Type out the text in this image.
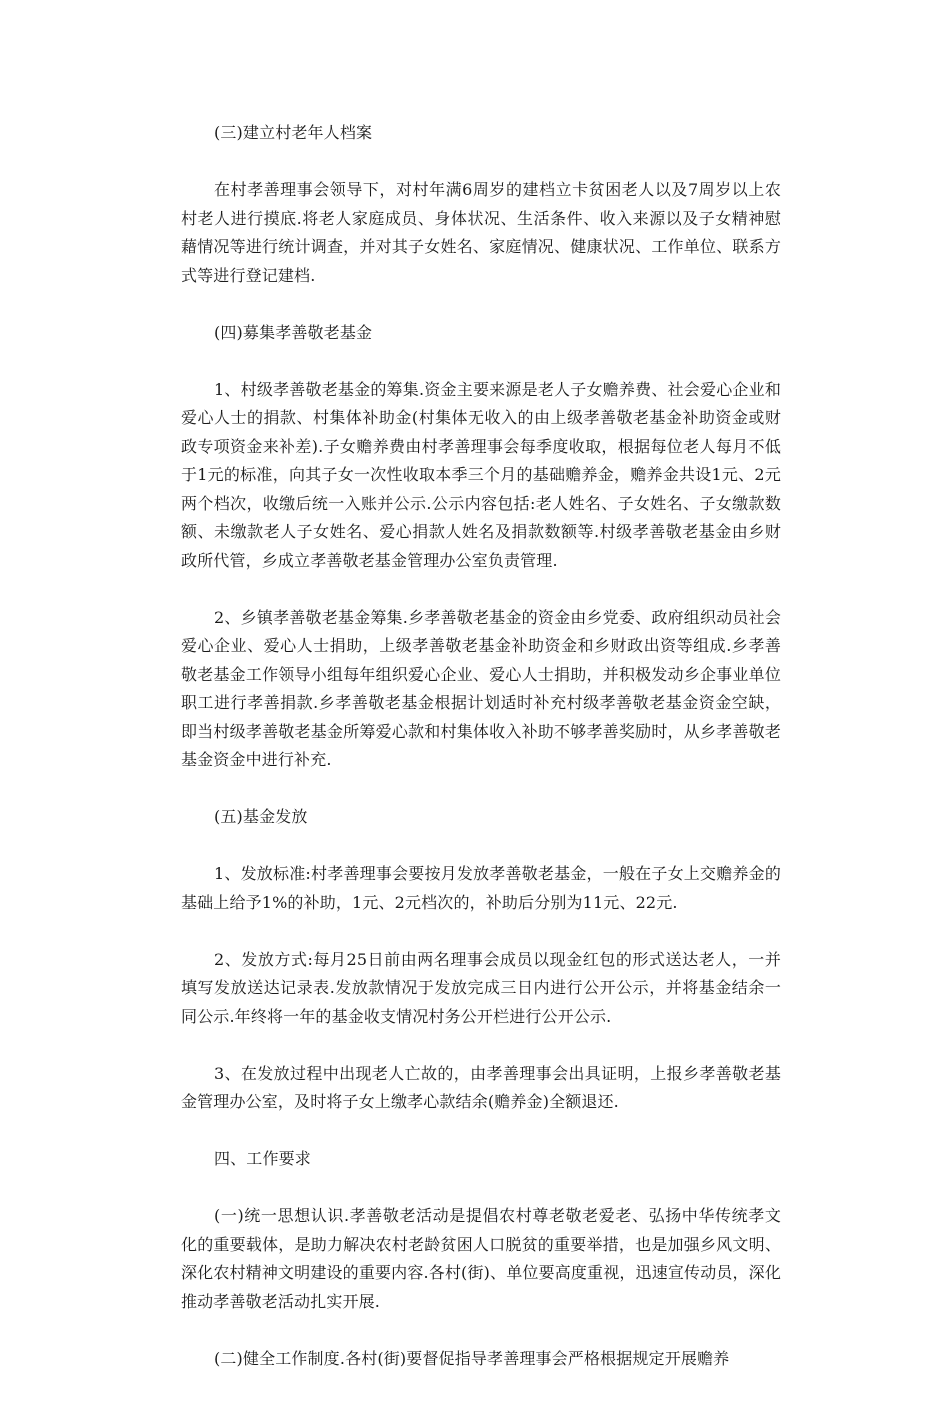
(三)建立村老年人档案

在村孝善理事会领导下，对村年满6周岁的建档立卡贫困老人以及7周岁以上农村老人进行摸底.将老人家庭成员、身体状况、生活条件、收入来源以及子女精神慰藉情况等进行统计调查，并对其子女姓名、家庭情况、健康状况、工作单位、联系方式等进行登记建档.

(四)募集孝善敬老基金

1、村级孝善敬老基金的筹集.资金主要来源是老人子女赡养费、社会爱心企业和爱心人士的捐款、村集体补助金(村集体无收入的由上级孝善敬老基金补助资金或财政专项资金来补差).子女赡养费由村孝善理事会每季度收取，根据每位老人每月不低于1元的标准，向其子女一次性收取本季三个月的基础赡养金，赡养金共设1元、2元两个档次，收缴后统一入账并公示.公示内容包括:老人姓名、子女姓名、子女缴款数额、未缴款老人子女姓名、爱心捐款人姓名及捐款数额等.村级孝善敬老基金由乡财政所代管，乡成立孝善敬老基金管理办公室负责管理.

2、乡镇孝善敬老基金筹集.乡孝善敬老基金的资金由乡党委、政府组织动员社会爱心企业、爱心人士捐助，上级孝善敬老基金补助资金和乡财政出资等组成.乡孝善敬老基金工作领导小组每年组织爱心企业、爱心人士捐助，并积极发动乡企事业单位职工进行孝善捐款.乡孝善敬老基金根据计划适时补充村级孝善敬老基金资金空缺，即当村级孝善敬老基金所筹爱心款和村集体收入补助不够孝善奖励时，从乡孝善敬老基金资金中进行补充.

(五)基金发放

1、发放标准:村孝善理事会要按月发放孝善敬老基金，一般在子女上交赡养金的基础上给予1%的补助，1元、2元档次的，补助后分别为11元、22元.

2、发放方式:每月25日前由两名理事会成员以现金红包的形式送达老人，一并填写发放送达记录表.发放款情况于发放完成三日内进行公开公示，并将基金结余一同公示.年终将一年的基金收支情况村务公开栏进行公开公示.

3、在发放过程中出现老人亡故的，由孝善理事会出具证明，上报乡孝善敬老基金管理办公室，及时将子女上缴孝心款结余(赡养金)全额退还.

四、工作要求

(一)统一思想认识.孝善敬老活动是提倡农村尊老敬老爱老、弘扬中华传统孝文化的重要载体，是助力解决农村老龄贫困人口脱贫的重要举措，也是加强乡风文明、深化农村精神文明建设的重要内容.各村(街)、单位要高度重视，迅速宣传动员，深化推动孝善敬老活动扎实开展.

(二)健全工作制度.各村(街)要督促指导孝善理事会严格根据规定开展赡养
